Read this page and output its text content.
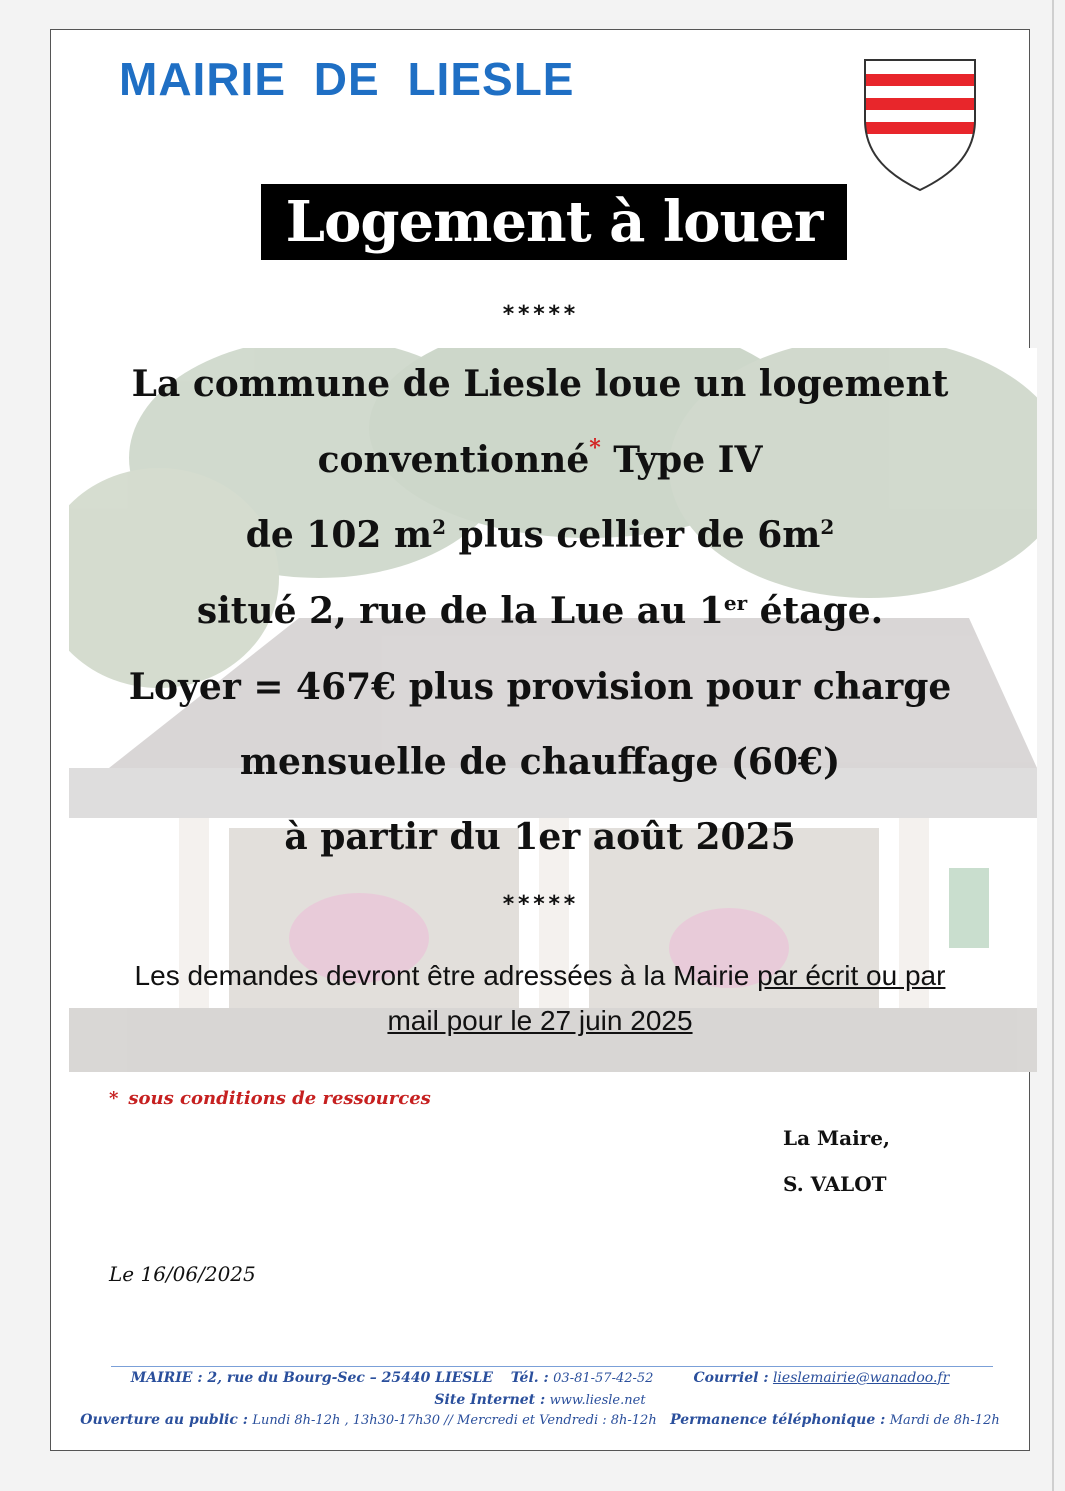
MAIRIE DE LIESLE
Logement à louer
*****
La commune de Liesle loue un logement
conventionné* Type IV
de 102 $m^2$ plus cellier de $6m^2$
situé 2, rue de la Lue au 1er étage.
Loyer = 467€ plus provision pour charge
mensuelle de chauffage (60€)
à partir du 1er août 2025
*****
Les demandes devront être adressées à la Mairie par écrit ou par
mail pour le 27 juin 2025
* sous conditions de ressources
La Maire,
S. VALOT
Le 16/06/2025
MAIRIE : 2, rue du Bourg-Sec – 25440 LIESLE Tél. : 03-81-57-42-52	Courriel : lieslemairie@wanadoo.fr
Site Internet : www.liesle.net
Ouverture au public : Lundi 8h-12h , 13h30-17h30 // Mercredi et Vendredi : 8h-12h Permanence téléphonique : Mardi de 8h-12h
